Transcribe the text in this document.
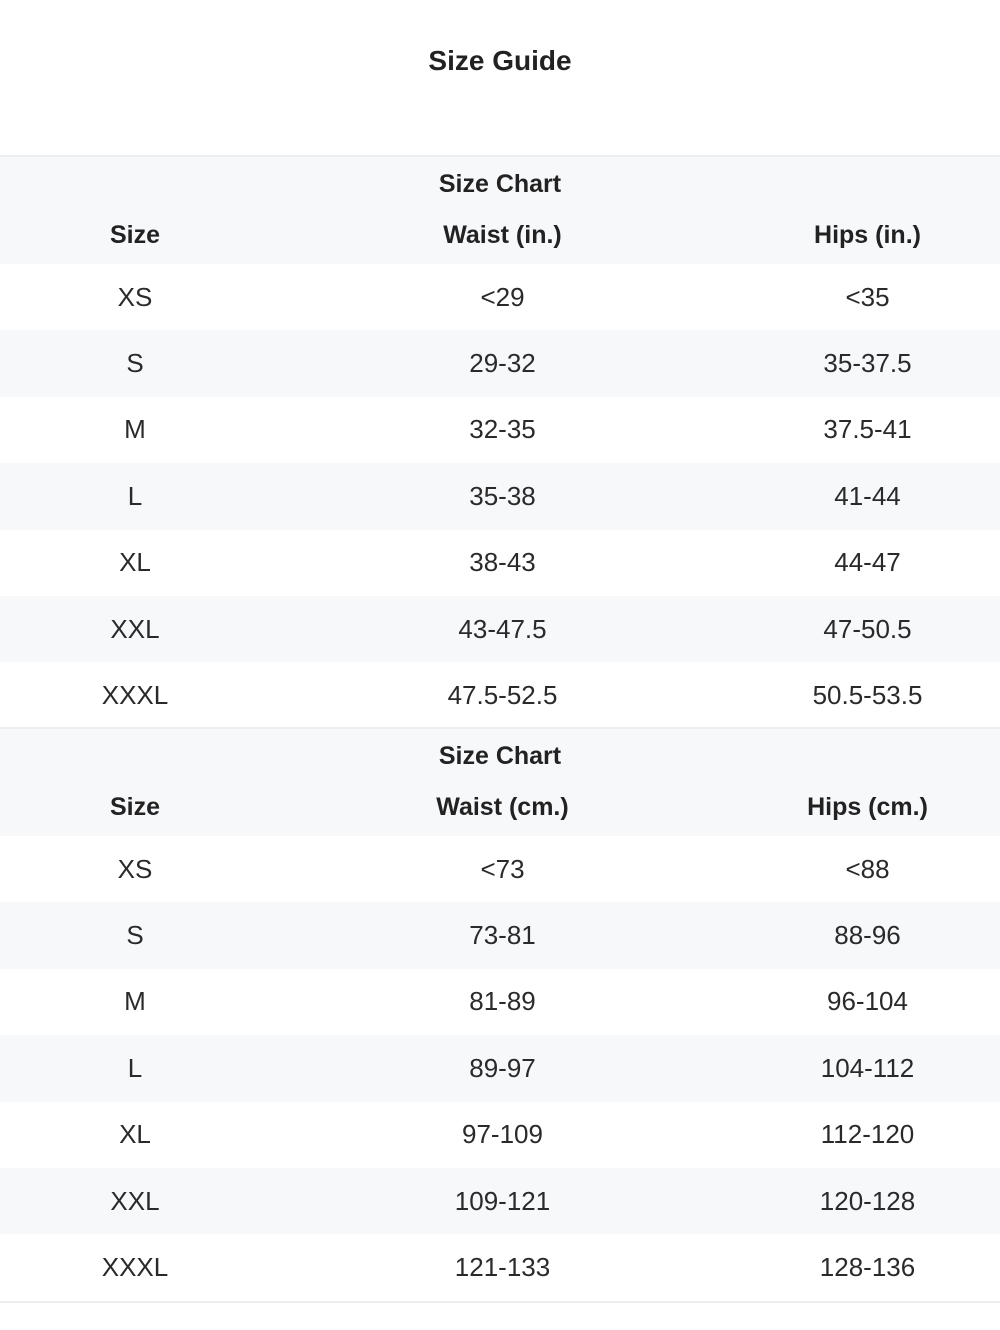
Size Guide
Size Chart
Size	Waist (in.)	Hips (in.)
XS	<29	<35
S	29-32	35-37.5
M	32-35	37.5-41
L	35-38	41-44
XL	38-43	44-47
XXL	43-47.5	47-50.5
XXXL	47.5-52.5	50.5-53.5
Size Chart
Size	Waist (cm.)	Hips (cm.)
XS	<73	<88
S	73-81	88-96
M	81-89	96-104
L	89-97	104-112
XL	97-109	112-120
XXL	109-121	120-128
XXXL	121-133	128-136
